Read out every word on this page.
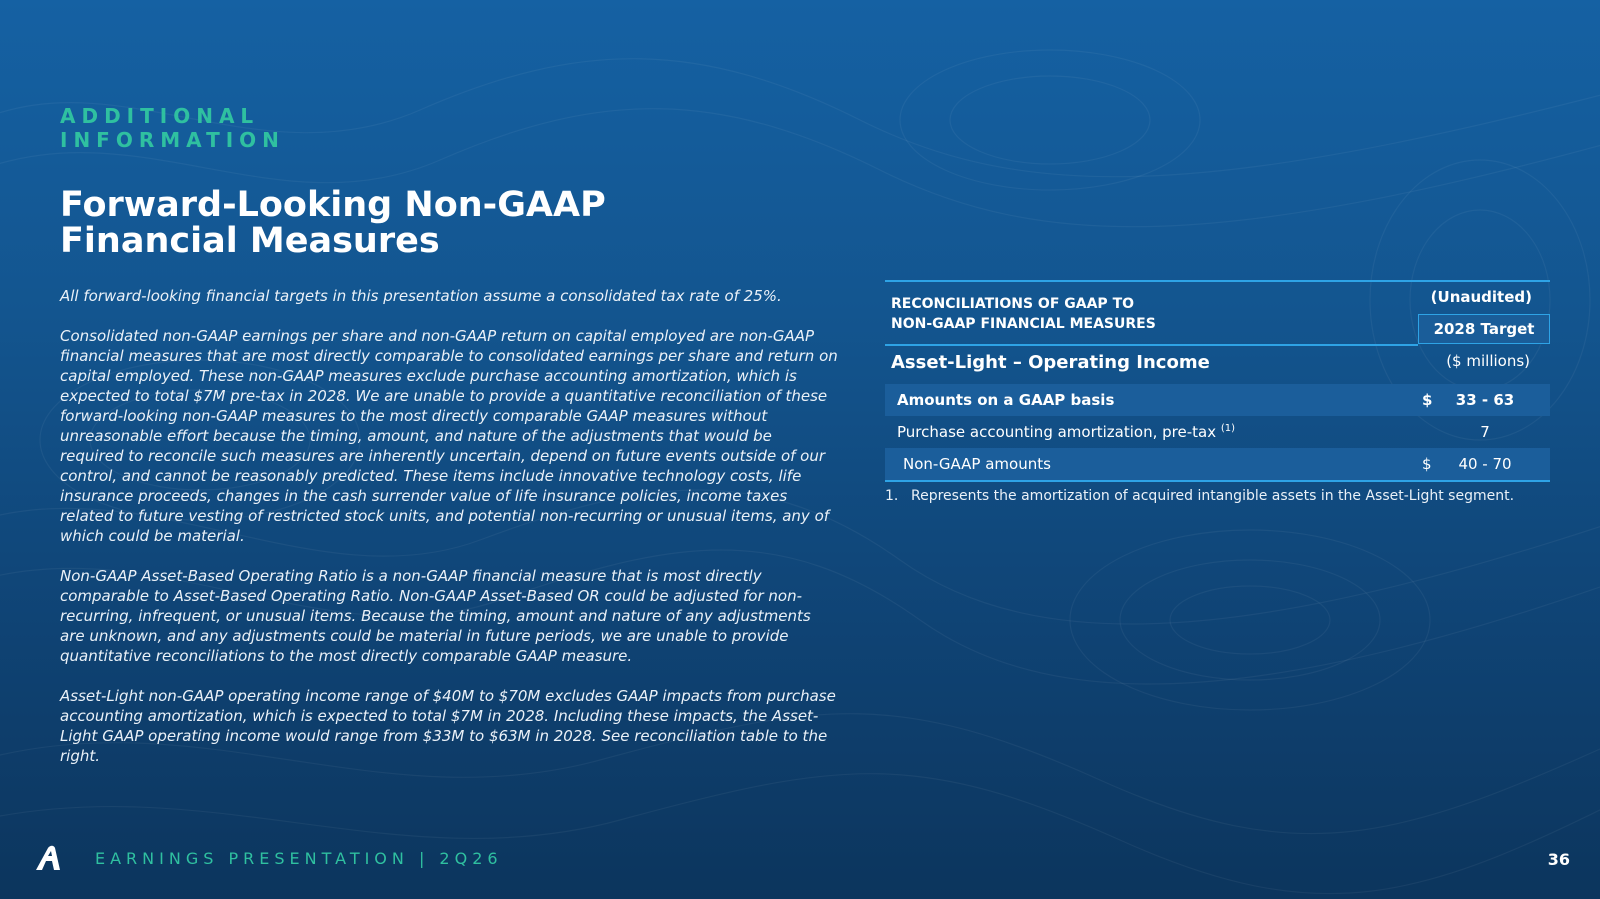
ADDITIONAL INFORMATION
Forward-Looking Non-GAAP Financial Measures

All forward-looking financial targets in this presentation assume a consolidated tax rate of 25%.

Consolidated non-GAAP earnings per share and non-GAAP return on capital employed are non-GAAP financial measures that are most directly comparable to consolidated earnings per share and return on capital employed. These non-GAAP measures exclude purchase accounting amortization, which is expected to total $7M pre-tax in 2028. We are unable to provide a quantitative reconciliation of these forward-looking non-GAAP measures to the most directly comparable GAAP measures without unreasonable effort because the timing, amount, and nature of the adjustments that would be required to reconcile such measures are inherently uncertain, depend on future events outside of our control, and cannot be reasonably predicted. These items include innovative technology costs, life insurance proceeds, changes in the cash surrender value of life insurance policies, income taxes related to future vesting of restricted stock units, and potential non-recurring or unusual items, any of which could be material.

Non-GAAP Asset-Based Operating Ratio is a non-GAAP financial measure that is most directly comparable to Asset-Based Operating Ratio. Non-GAAP Asset-Based OR could be adjusted for non-recurring, infrequent, or unusual items. Because the timing, amount and nature of any adjustments are unknown, and any adjustments could be material in future periods, we are unable to provide quantitative reconciliations to the most directly comparable GAAP measure.

Asset-Light non-GAAP operating income range of $40M to $70M excludes GAAP impacts from purchase accounting amortization, which is expected to total $7M in 2028. Including these impacts, the Asset-Light GAAP operating income would range from $33M to $63M in 2028. See reconciliation table to the right.

RECONCILIATIONS OF GAAP TO
NON-GAAP FINANCIAL MEASURES
(Unaudited)
2028 Target
Asset-Light – Operating Income	($ millions)
Amounts on a GAAP basis	$	33 - 63
Purchase accounting amortization, pre-tax $^{(1)}$	7
Non-GAAP amounts	$	40 - 70
1. Represents the amortization of acquired intangible assets in the Asset-Light segment.
EARNINGS PRESENTATION | 2Q26	36
